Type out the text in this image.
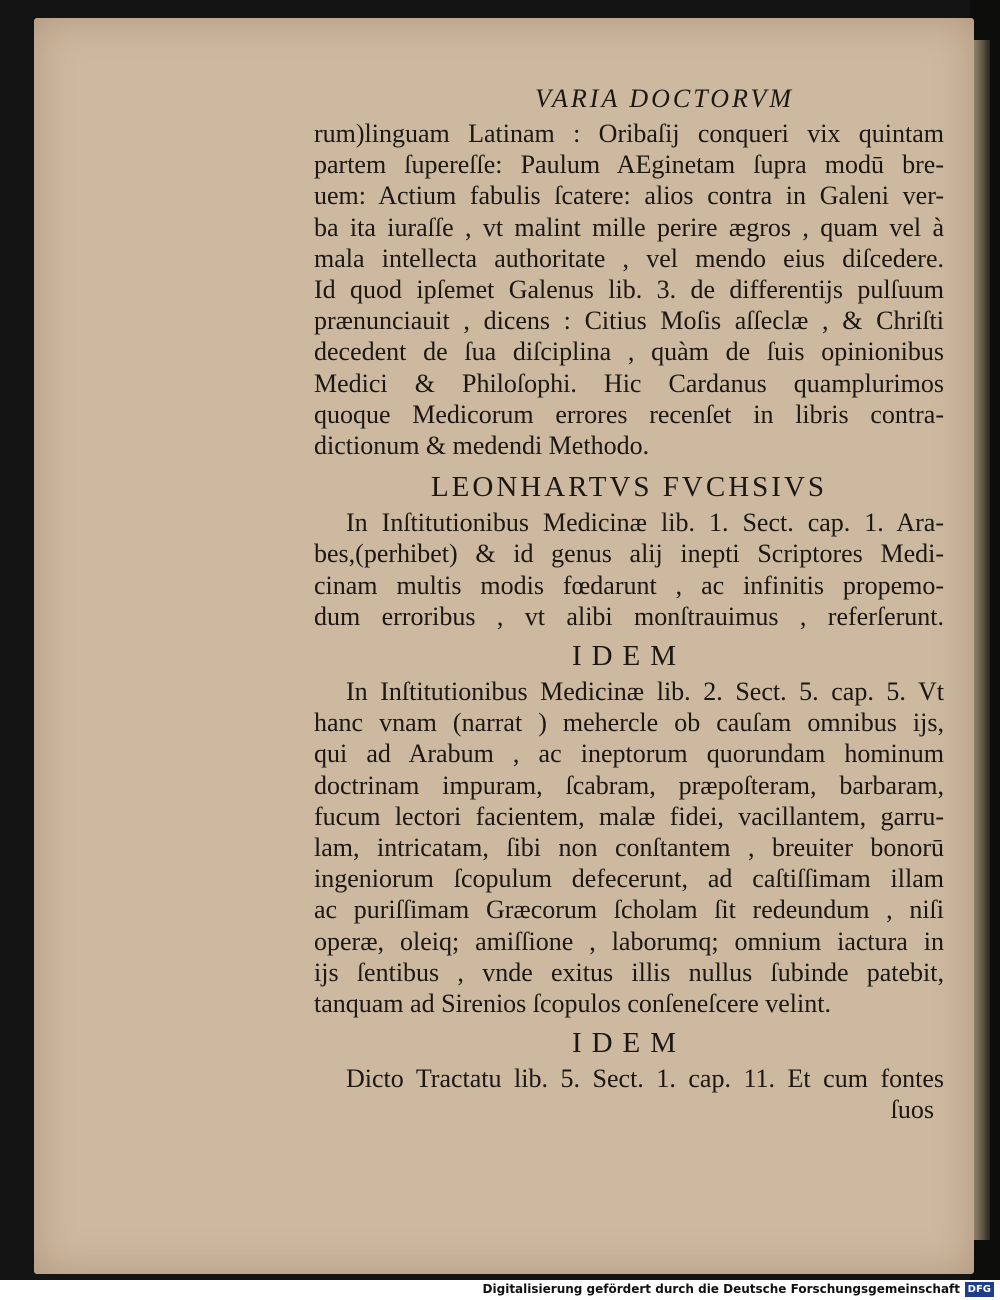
VARIA DOCTORVM
rum)linguam Latinam : Oribaſij conqueri vix quintam
partem ſupereſſe: Paulum AEginetam ſupra modū bre-
uem: Actium fabulis ſcatere: alios contra in Galeni ver-
ba ita iuraſſe , vt malint mille perire ægros , quam vel à
mala intellecta authoritate , vel mendo eius diſcedere.
Id quod ipſemet Galenus lib. 3. de differentijs pulſuum
prænunciauit , dicens : Citius Moſis aſſeclæ , & Chriſti
decedent de ſua diſciplina , quàm de ſuis opinionibus
Medici & Philoſophi. Hic Cardanus quamplurimos
quoque Medicorum errores recenſet in libris contra-
dictionum & medendi Methodo.
LEONHARTVS FVCHSIVS
In Inſtitutionibus Medicinæ lib. 1. Sect. cap. 1. Ara-
bes,(perhibet) & id genus alij inepti Scriptores Medi-
cinam multis modis fœdarunt , ac infinitis propemo-
dum erroribus , vt alibi monſtrauimus , referſerunt.
IDEM
In Inſtitutionibus Medicinæ lib. 2. Sect. 5. cap. 5. Vt
hanc vnam (narrat ) mehercle ob cauſam omnibus ijs,
qui ad Arabum , ac ineptorum quorundam hominum
doctrinam impuram, ſcabram, præpoſteram, barbaram,
fucum lectori facientem, malæ fidei, vacillantem, garru-
lam, intricatam, ſibi non conſtantem , breuiter bonorū
ingeniorum ſcopulum defecerunt, ad caſtiſſimam illam
ac puriſſimam Græcorum ſcholam ſit redeundum , niſi
operæ, oleiq; amiſſione , laborumq; omnium iactura in
ijs ſentibus , vnde exitus illis nullus ſubinde patebit,
tanquam ad Sirenios ſcopulos conſeneſcere velint.
IDEM
Dicto Tractatu lib. 5. Sect. 1. cap. 11. Et cum fontes
ſuos
Digitalisierung gefördert durch die Deutsche Forschungsgemeinschaft DFG
